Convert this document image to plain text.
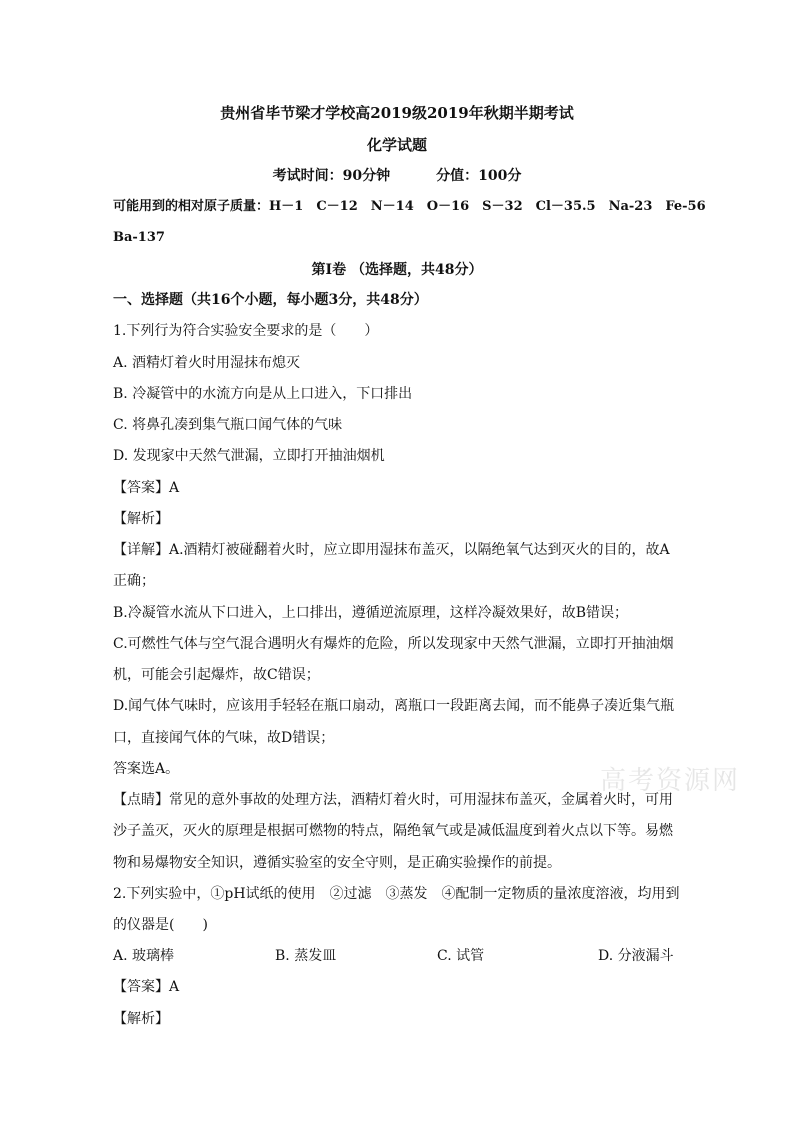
贵州省毕节梁才学校高2019级2019年秋期半期考试
化学试题
考试时间：90分钟	分值：100分
可能用到的相对原子质量：H－1　C－12　N－14　O－16　S－32　Cl－35.5　Na-23　Fe-56
Ba-137
第Ⅰ卷 （选择题，共48分）
一、选择题（共16个小题，每小题3分，共48分）
1.下列行为符合实验安全要求的是（　　）
A. 酒精灯着火时用湿抹布熄灭
B. 冷凝管中的水流方向是从上口进入，下口排出
C. 将鼻孔凑到集气瓶口闻气体的气味
D. 发现家中天然气泄漏，立即打开抽油烟机
【答案】A
【解析】
【详解】A.酒精灯被碰翻着火时，应立即用湿抹布盖灭，以隔绝氧气达到灭火的目的，故A
正确；
B.冷凝管水流从下口进入，上口排出，遵循逆流原理，这样冷凝效果好，故B错误；
C.可燃性气体与空气混合遇明火有爆炸的危险，所以发现家中天然气泄漏，立即打开抽油烟
机，可能会引起爆炸，故C错误；
D.闻气体气味时，应该用手轻轻在瓶口扇动，离瓶口一段距离去闻，而不能鼻子凑近集气瓶
口，直接闻气体的气味，故D错误；
答案选A。
【点睛】常见的意外事故的处理方法，酒精灯着火时，可用湿抹布盖灭，金属着火时，可用
沙子盖灭，灭火的原理是根据可燃物的特点，隔绝氧气或是减低温度到着火点以下等。易燃
物和易爆物安全知识，遵循实验室的安全守则，是正确实验操作的前提。
2.下列实验中，①pH试纸的使用　②过滤　③蒸发　④配制一定物质的量浓度溶液，均用到
的仪器是(　　)
A. 玻璃棒	B. 蒸发皿	C. 试管	D. 分液漏斗
【答案】A
【解析】
高考资源网
